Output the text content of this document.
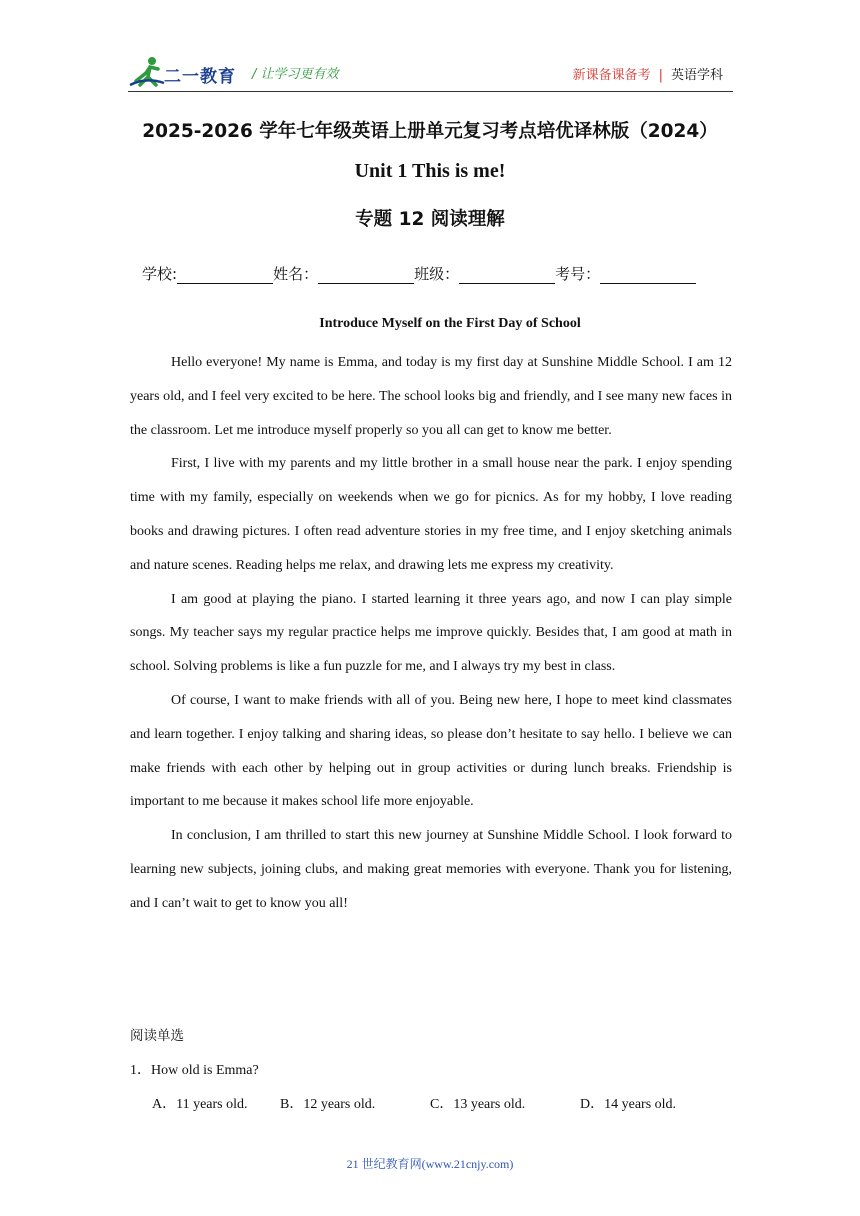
二一教育 / 让学习更有效	新课备课备考 | 英语学科
2025-2026 学年七年级英语上册单元复习考点培优译林版（2024）
Unit 1 This is me!
专题 12 阅读理解
学校:	姓名：	班级：	考号：
Introduce Myself on the First Day of School

Hello everyone! My name is Emma, and today is my first day at Sunshine Middle School. I am 12 years old, and I feel very excited to be here. The school looks big and friendly, and I see many new faces in the classroom. Let me introduce myself properly so you all can get to know me better.

First, I live with my parents and my little brother in a small house near the park. I enjoy spending time with my family, especially on weekends when we go for picnics. As for my hobby, I love reading books and drawing pictures. I often read adventure stories in my free time, and I enjoy sketching animals and nature scenes. Reading helps me relax, and drawing lets me express my creativity.

I am good at playing the piano. I started learning it three years ago, and now I can play simple songs. My teacher says my regular practice helps me improve quickly. Besides that, I am good at math in school. Solving problems is like a fun puzzle for me, and I always try my best in class.

Of course, I want to make friends with all of you. Being new here, I hope to meet kind classmates and learn together. I enjoy talking and sharing ideas, so please don’t hesitate to say hello. I believe we can make friends with each other by helping out in group activities or during lunch breaks. Friendship is important to me because it makes school life more enjoyable.

In conclusion, I am thrilled to start this new journey at Sunshine Middle School. I look forward to learning new subjects, joining clubs, and making great memories with everyone. Thank you for listening, and I can’t wait to get to know you all!

阅读单选
1．How old is Emma?
A．11 years old. B．12 years old.	C．13 years old.	D．14 years old.
21 世纪教育网(www.21cnjy.com)
